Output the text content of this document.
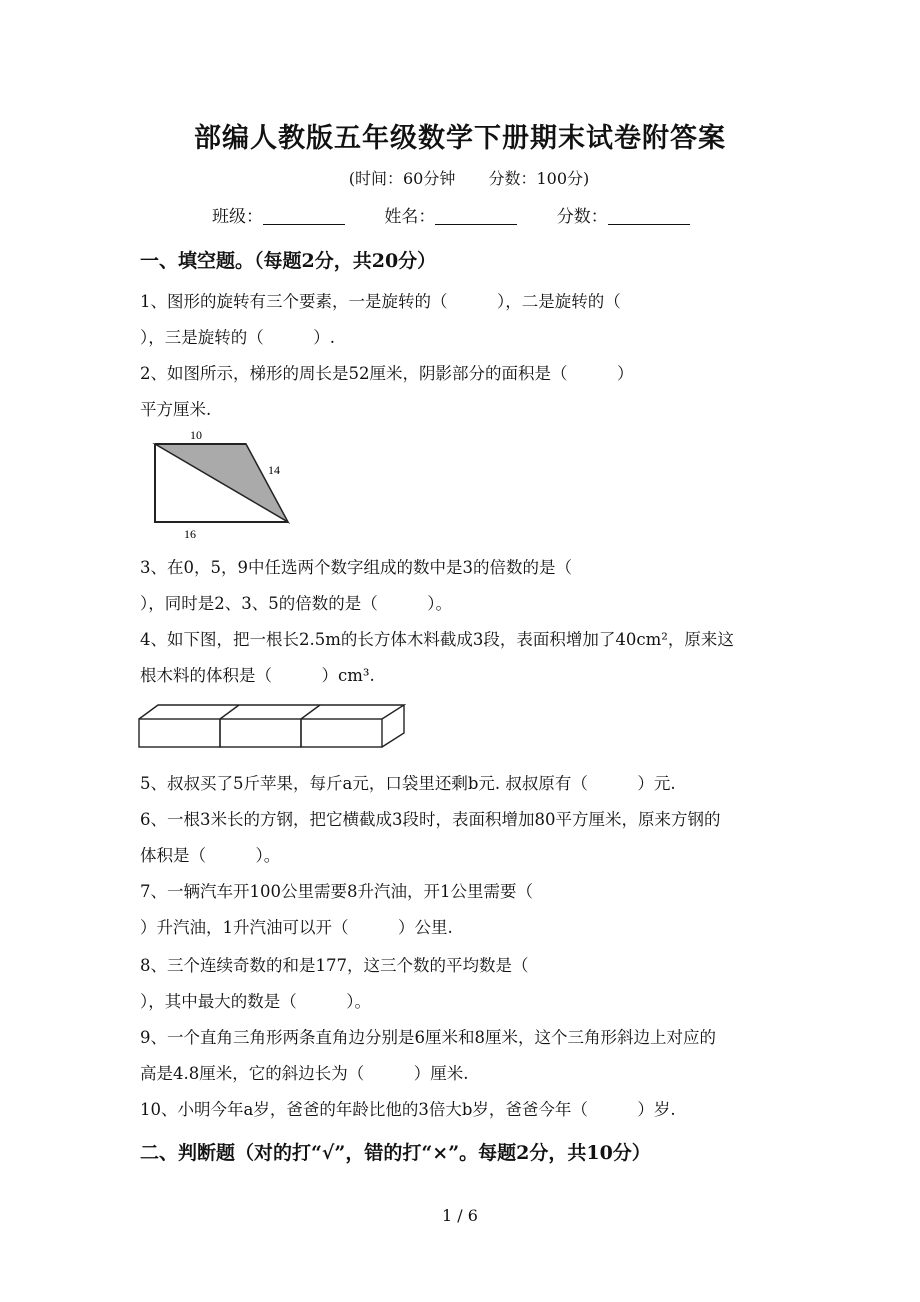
部编人教版五年级数学下册期末试卷附答案
(时间：60分钟 分数：100分)
班级：	姓名：	分数：
一、填空题。（每题2分，共20分）
1、图形的旋转有三个要素，一是旋转的（　　　），二是旋转的（
），三是旋转的（　　　）.
2、如图所示，梯形的周长是52厘米，阴影部分的面积是（　　　）
平方厘米.
10
14
16
3、在0，5，9中任选两个数字组成的数中是3的倍数的是（
），同时是2、3、5的倍数的是（　　　）。
4、如下图，把一根长2.5m的长方体木料截成3段，表面积增加了40cm²，原来这
根木料的体积是（　　　）cm³.
5、叔叔买了5斤苹果，每斤a元，口袋里还剩b元. 叔叔原有（　　　）元.
6、一根3米长的方钢，把它横截成3段时，表面积增加80平方厘米，原来方钢的
体积是（　　　）。
7、一辆汽车开100公里需要8升汽油，开1公里需要（
）升汽油，1升汽油可以开（　　　）公里.
8、三个连续奇数的和是177，这三个数的平均数是（
），其中最大的数是（　　　）。
9、一个直角三角形两条直角边分别是6厘米和8厘米，这个三角形斜边上对应的
高是4.8厘米，它的斜边长为（　　　）厘米.
10、小明今年a岁，爸爸的年龄比他的3倍大b岁，爸爸今年（　　　）岁.
二、判断题（对的打“√”，错的打“×”。每题2分，共10分）
1 / 6
